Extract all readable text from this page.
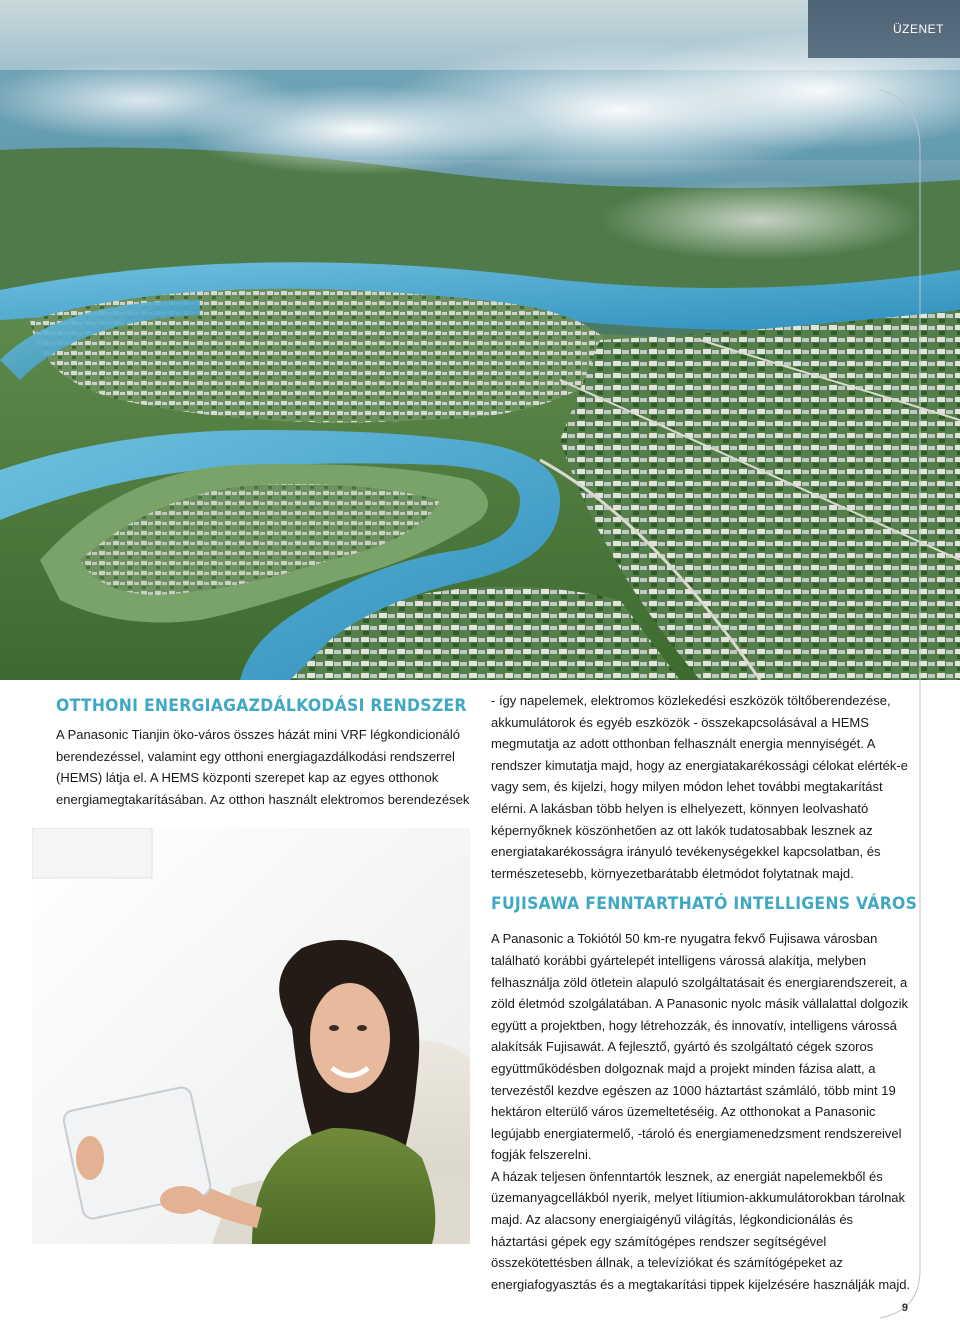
ÜZENET
OTTHONI ENERGIAGAZDÁLKODÁSI RENDSZER

A Panasonic Tianjin öko-város összes házát mini VRF légkondicionáló berendezéssel, valamint egy otthoni energiagazdálkodási rendszerrel (HEMS) látja el. A HEMS központi szerepet kap az egyes otthonok energiamegtakarításában. Az otthon használt elektromos berendezések

- így napelemek, elektromos közlekedési eszközök töltőberendezése, akkumulátorok és egyéb eszközök - összekapcsolásával a HEMS megmutatja az adott otthonban felhasznált energia mennyiségét. A rendszer kimutatja majd, hogy az energiatakarékossági célokat elérték-e vagy sem, és kijelzi, hogy milyen módon lehet további megtakarítást elérni. A lakásban több helyen is elhelyezett, könnyen leolvasható képernyőknek köszönhetően az ott lakók tudatosabbak lesznek az energiatakarékosságra irányuló tevékenységekkel kapcsolatban, és természetesebb, környezetbarátabb életmódot folytatnak majd.

FUJISAWA FENNTARTHATÓ INTELLIGENS VÁROS

A Panasonic a Tokiótól 50 km-re nyugatra fekvő Fujisawa városban található korábbi gyártelepét intelligens várossá alakítja, melyben felhasználja zöld ötletein alapuló szolgáltatásait és energiarendszereit, a zöld életmód szolgálatában. A Panasonic nyolc másik vállalattal dolgozik együtt a projektben, hogy létrehozzák, és innovatív, intelligens várossá alakítsák Fujisawát. A fejlesztő, gyártó és szolgáltató cégek szoros együttműködésben dolgoznak majd a projekt minden fázisa alatt, a tervezéstől kezdve egészen az 1000 háztartást számláló, több mint 19 hektáron elterülő város üzemeltetéséig. Az otthonokat a Panasonic legújabb energiatermelő, -tároló és energiamenedzsment rendszereivel fogják felszerelni.

A házak teljesen önfenntartók lesznek, az energiát napelemekből és üzemanyagcellákból nyerik, melyet lítiumion-akkumulátorokban tárolnak majd. Az alacsony energiaigényű világítás, légkondicionálás és háztartási gépek egy számítógépes rendszer segítségével összekötettésben állnak, a televíziókat és számítógépeket az energiafogyasztás és a megtakarítási tippek kijelzésére használják majd.

9
